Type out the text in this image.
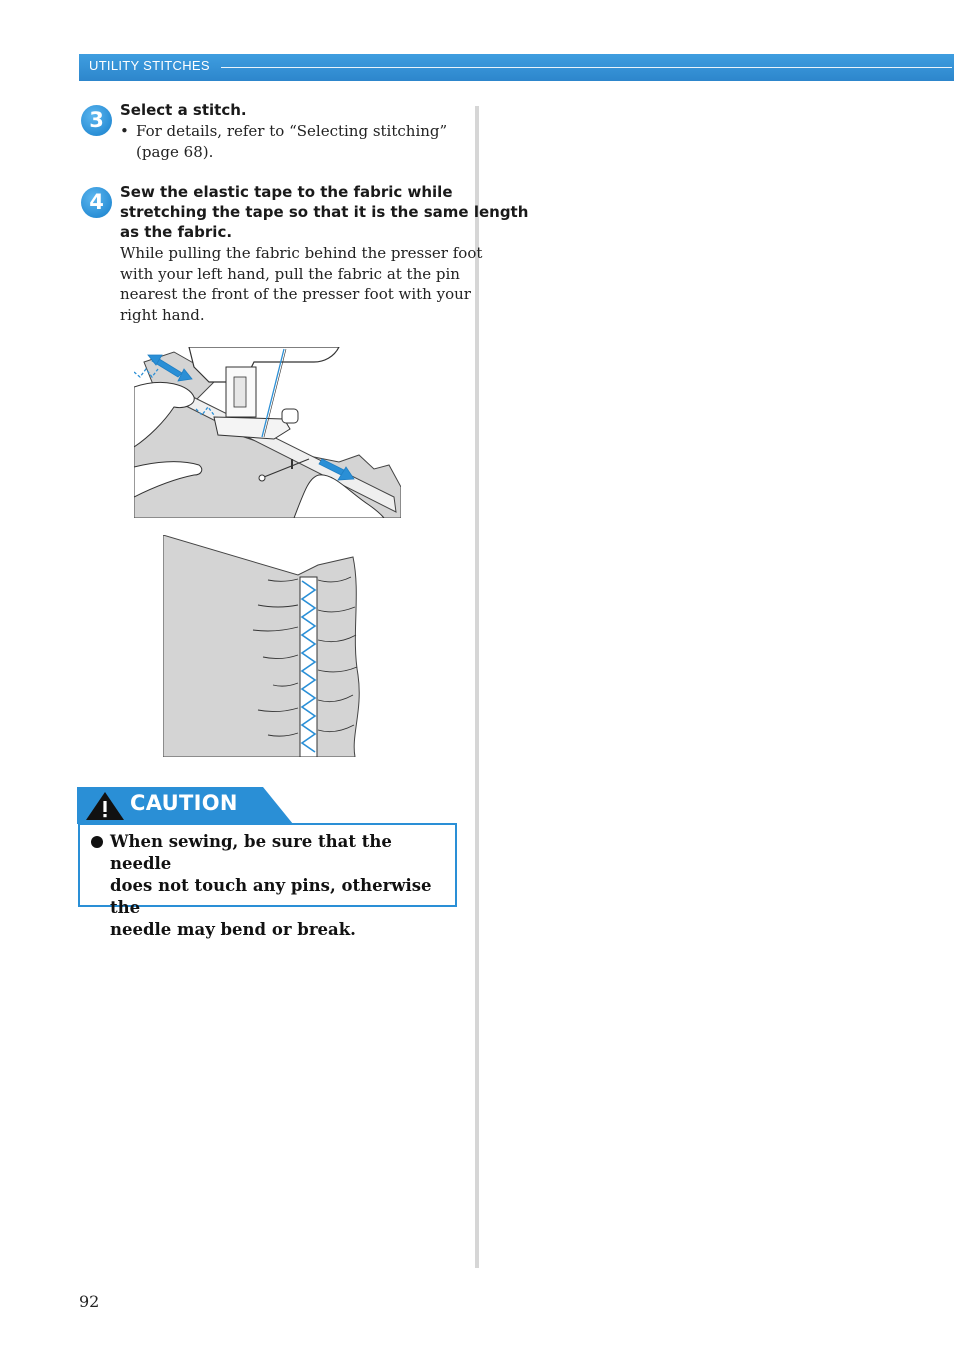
UTILITY STITCHES
3	Select a stitch.
• For details, refer to “Selecting stitching”
(page 68).
4	Sew the elastic tape to the fabric while
stretching the tape so that it is the same length
as the fabric.
While pulling the fabric behind the presser foot
with your left hand, pull the fabric at the pin
nearest the front of the presser foot with your
right hand.
CAUTION
When sewing, be sure that the needle
does not touch any pins, otherwise the
needle may bend or break.
92
